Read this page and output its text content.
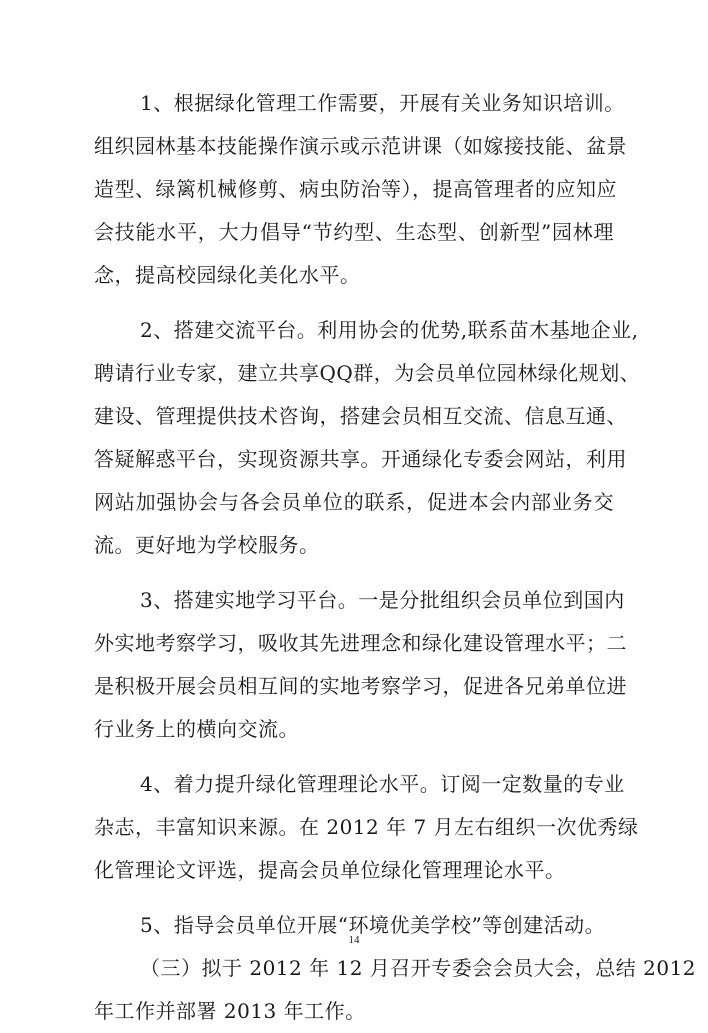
1、根据绿化管理工作需要，开展有关业务知识培训。
组织园林基本技能操作演示或示范讲课（如嫁接技能、盆景
造型、绿篱机械修剪、病虫防治等），提高管理者的应知应
会技能水平，大力倡导“节约型、生态型、创新型”园林理
念，提高校园绿化美化水平。
2、搭建交流平台。利用协会的优势,联系苗木基地企业,
聘请行业专家，建立共享QQ群，为会员单位园林绿化规划、
建设、管理提供技术咨询，搭建会员相互交流、信息互通、
答疑解惑平台，实现资源共享。开通绿化专委会网站，利用
网站加强协会与各会员单位的联系，促进本会内部业务交
流。更好地为学校服务。
3、搭建实地学习平台。一是分批组织会员单位到国内
外实地考察学习，吸收其先进理念和绿化建设管理水平；二
是积极开展会员相互间的实地考察学习，促进各兄弟单位进
行业务上的横向交流。
4、着力提升绿化管理理论水平。订阅一定数量的专业
杂志，丰富知识来源。在 2012 年 7 月左右组织一次优秀绿
化管理论文评选，提高会员单位绿化管理理论水平。
5、指导会员单位开展“环境优美学校”等创建活动。
（三）拟于 2012 年 12 月召开专委会会员大会，总结 2012
年工作并部署 2013 年工作。
14
